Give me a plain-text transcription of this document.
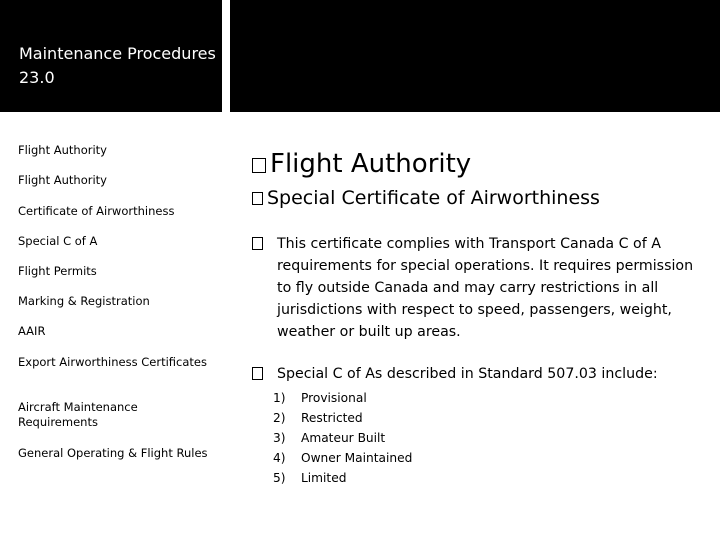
Maintenance Procedures 23.0
Flight Authority
Flight Authority
Certificate of Airworthiness
Special C of A
Flight Permits
Marking & Registration
AAIR
Export Airworthiness Certificates
Aircraft Maintenance Requirements
General Operating & Flight Rules
Flight Authority
Special Certificate of Airworthiness
This certificate complies with Transport Canada C of A requirements for special operations. It requires permission to fly outside Canada and may carry restrictions in all jurisdictions with respect to speed, passengers, weight, weather or built up areas.
Special C of As described in Standard 507.03 include:
1)	Provisional
2)	Restricted
3)	Amateur Built
4)	Owner Maintained
5)	Limited
